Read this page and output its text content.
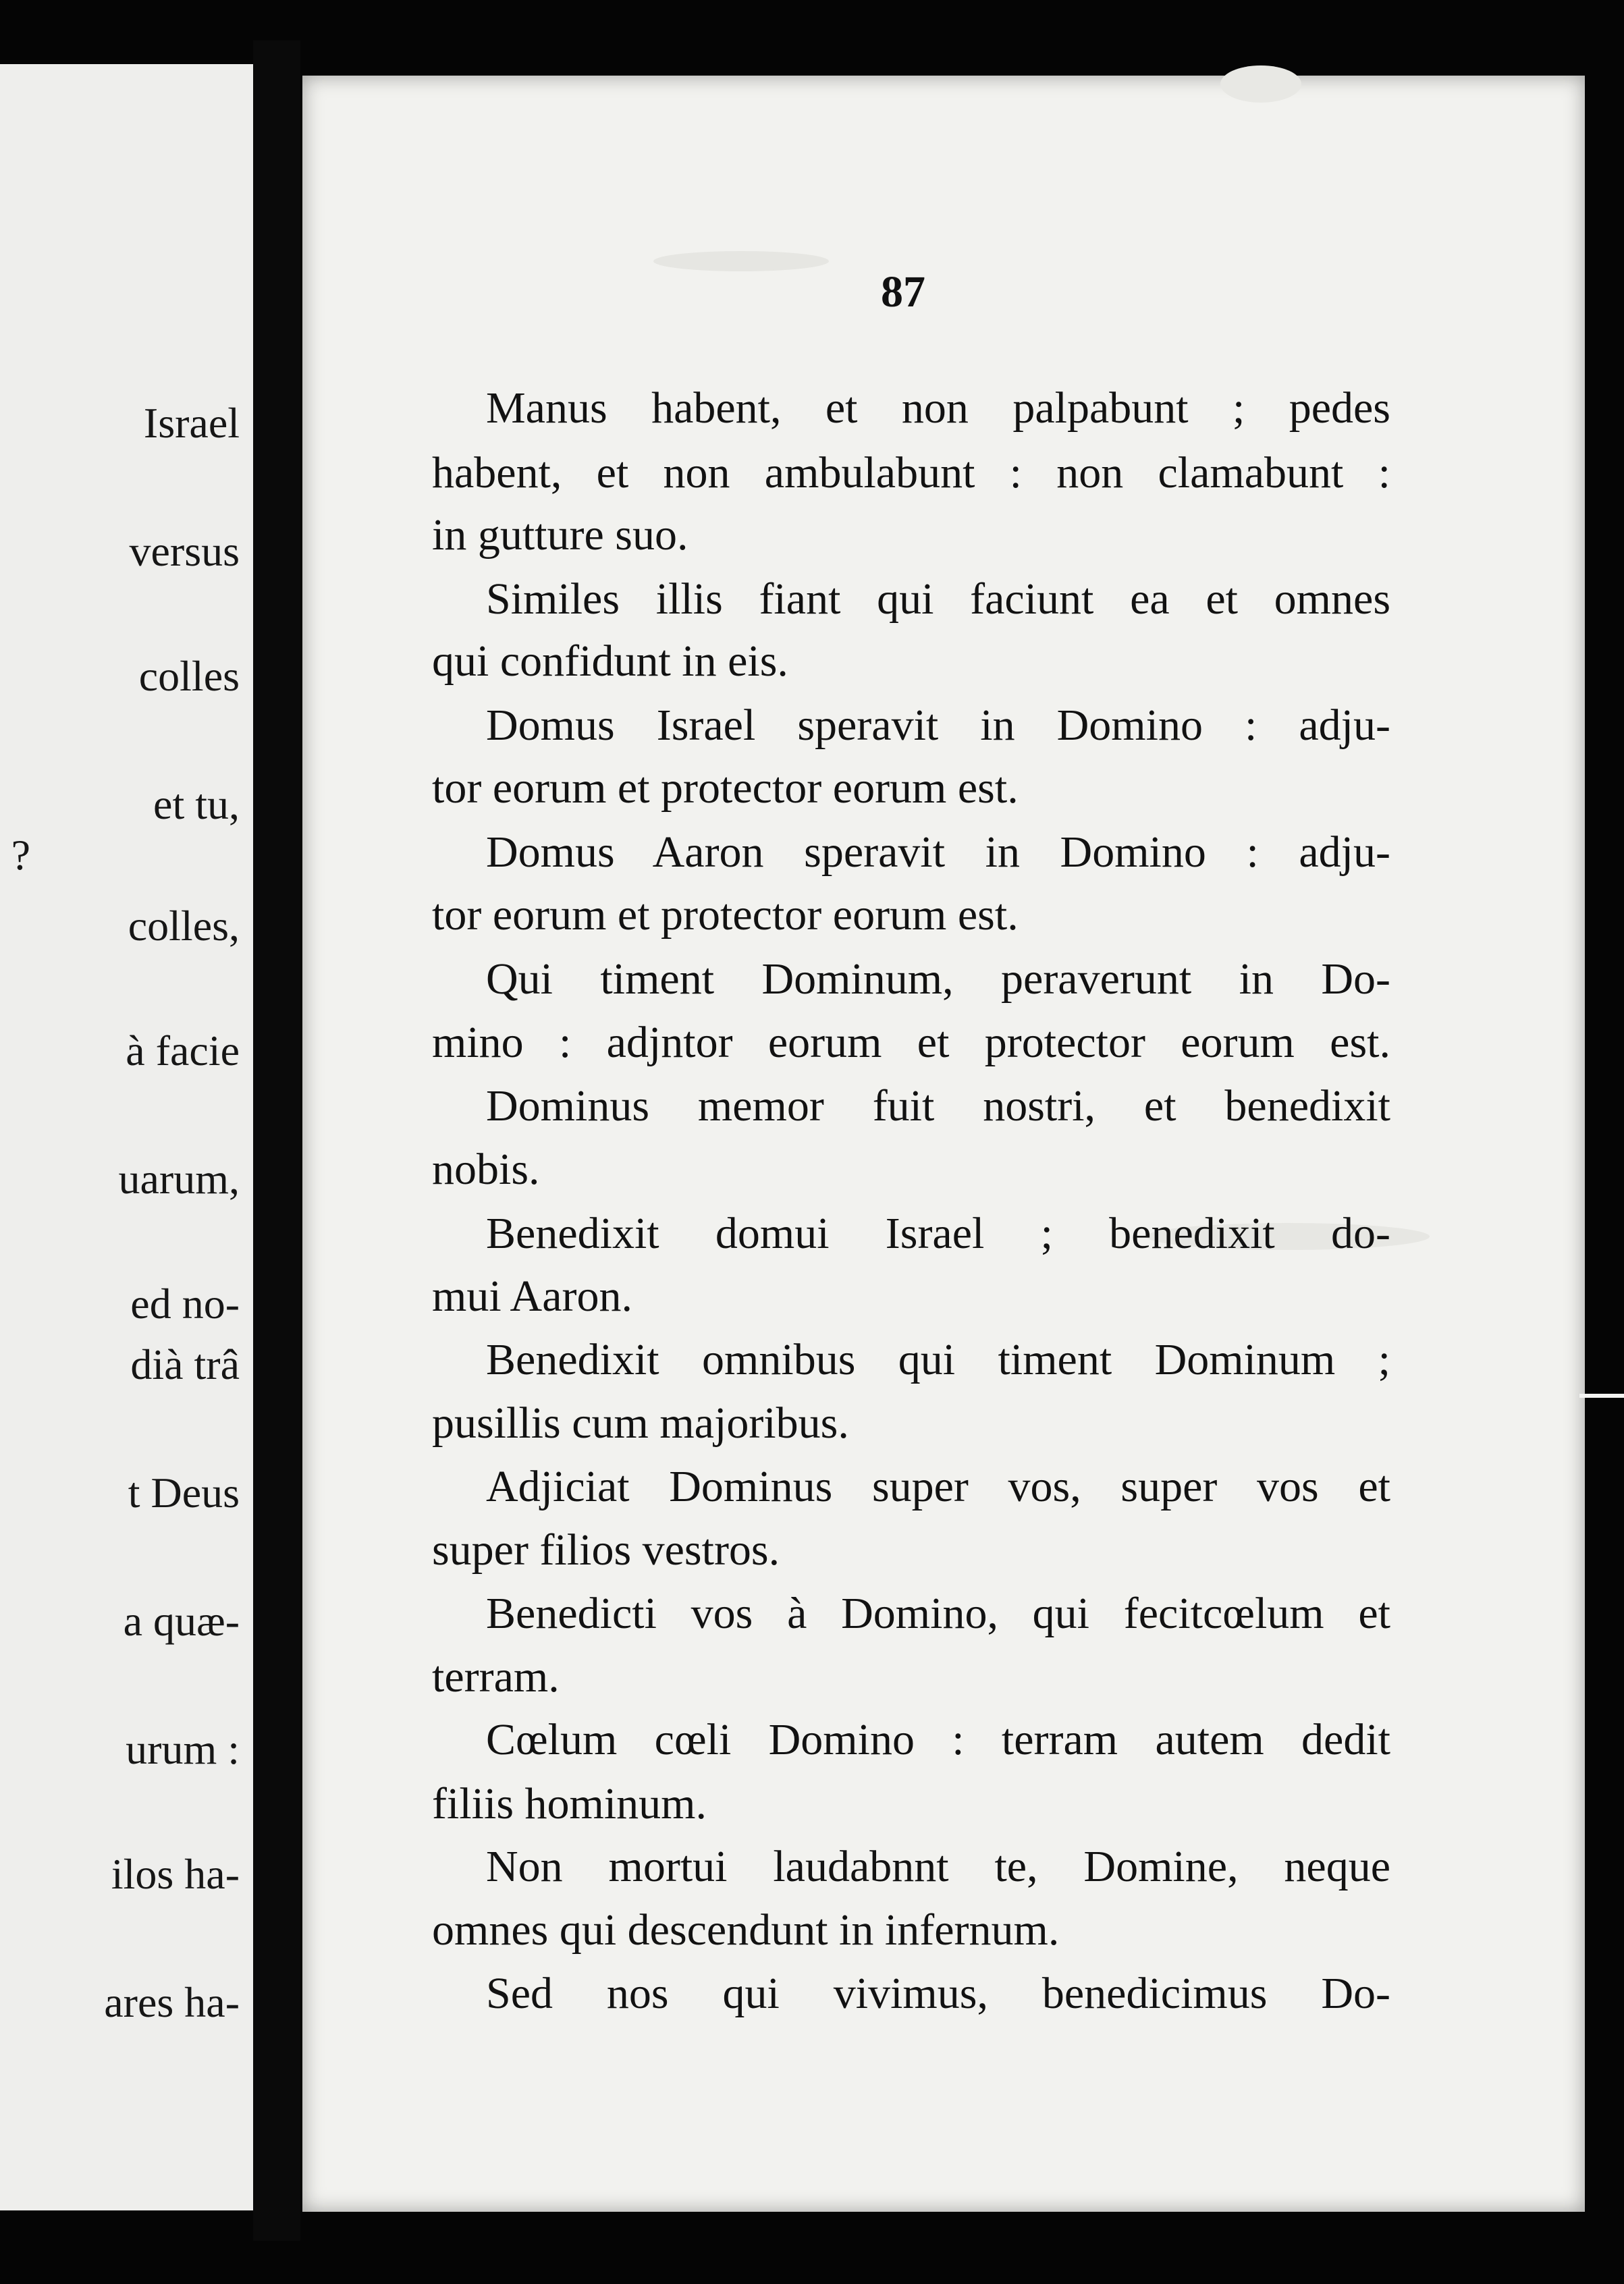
Israel
versus
colles
et tu,
?
colles,
à facie
uarum,
ed no-
dià trâ
t Deus
a quæ-
urum :
ilos ha-
ares ha-
87
Manus habent, et non palpabunt ; pedes
habent, et non ambulabunt : non clamabunt :
in gutture suo.
Similes illis fiant qui faciunt ea et omnes
qui confidunt in eis.
Domus Israel speravit in Domino : adju-
tor eorum et protector eorum est.
Domus Aaron speravit in Domino : adju-
tor eorum et protector eorum est.
Qui timent Dominum, peraverunt in Do-
mino : adjntor eorum et protector eorum est.
Dominus memor fuit nostri, et benedixit
nobis.
Benedixit domui Israel ; benedixit do-
mui Aaron.
Benedixit omnibus qui timent Dominum ;
pusillis cum majoribus.
Adjiciat Dominus super vos, super vos et
super filios vestros.
Benedicti vos à Domino, qui fecitcœlum et
terram.
Cœlum cœli Domino : terram autem dedit
filiis hominum.
Non mortui laudabnnt te, Domine, neque
omnes qui descendunt in infernum.
Sed nos qui vivimus, benedicimus Do-
